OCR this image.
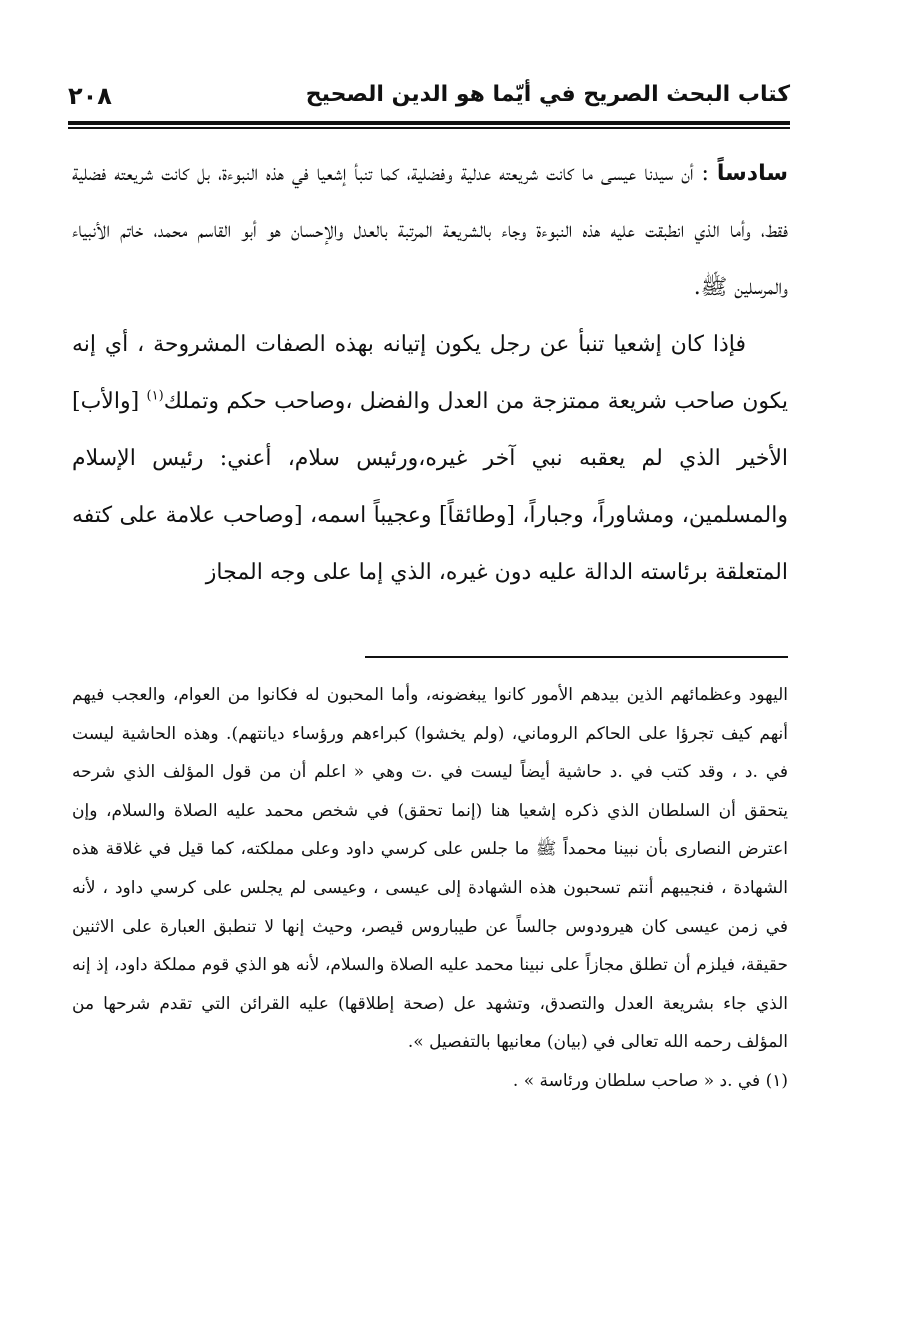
كتاب البحث الصريح في أيّما هو الدين الصحيح
٢٠٨

سادساً : أن سيدنا عيسى ما كانت شريعته عدلية وفضلية، كما تنبأ إشعيا في هذه النبوءة، بل كانت شريعته فضلية فقط، وأما الذي انطبقت عليه هذه النبوءة وجاء بالشريعة المرتبة بالعدل والإحسان هو أبو القاسم محمد، خاتم الأنبياء والمرسلين ﷺ.

فإذا كان إشعيا تنبأ عن رجل يكون إتيانه بهذه الصفات المشروحة ، أي إنه يكون صاحب شريعة ممتزجة من العدل والفضل ،وصاحب حكم وتملك$^{(١)}$ [والأب] الأخير الذي لم يعقبه نبي آخر غيره،ورئيس سلام، أعني: رئيس الإسلام والمسلمين، ومشاوراً، وجباراً، [وطائقاً] وعجيباً اسمه، [وصاحب علامة على كتفه المتعلقة برئاسته الدالة عليه دون غيره، الذي إما على وجه المجاز

اليهود وعظمائهم الذين بيدهم الأمور كانوا يبغضونه، وأما المحبون له فكانوا من العوام، والعجب فيهم أنهم كيف تجرؤا على الحاكم الروماني، (ولم يخشوا) كبراءهم ورؤساء ديانتهم). وهذه الحاشية ليست في .د ، وقد كتب في .د حاشية أيضاً ليست في .ت وهي « اعلم أن من قول المؤلف الذي شرحه يتحقق أن السلطان الذي ذكره إشعيا هنا (إنما تحقق) في شخص محمد عليه الصلاة والسلام، وإن اعترض النصارى بأن نبينا محمداً ﷺ ما جلس على كرسي داود وعلى مملكته، كما قيل في غلاقة هذه الشهادة ، فنجيبهم أنتم تسحبون هذه الشهادة إلى عيسى ، وعيسى لم يجلس على كرسي داود ، لأنه في زمن عيسى كان هيرودوس جالساً عن طيباروس قيصر، وحيث إنها لا تنطبق العبارة على الاثنين حقيقة، فيلزم أن تطلق مجازاً على نبينا محمد عليه الصلاة والسلام، لأنه هو الذي قوم مملكة داود، إذ إنه الذي جاء بشريعة العدل والتصدق، وتشهد عل (صحة إطلاقها) عليه القرائن التي تقدم شرحها من المؤلف رحمه الله تعالى في (بيان) معانيها بالتفصيل ».

(١) في .د « صاحب سلطان ورئاسة » .
